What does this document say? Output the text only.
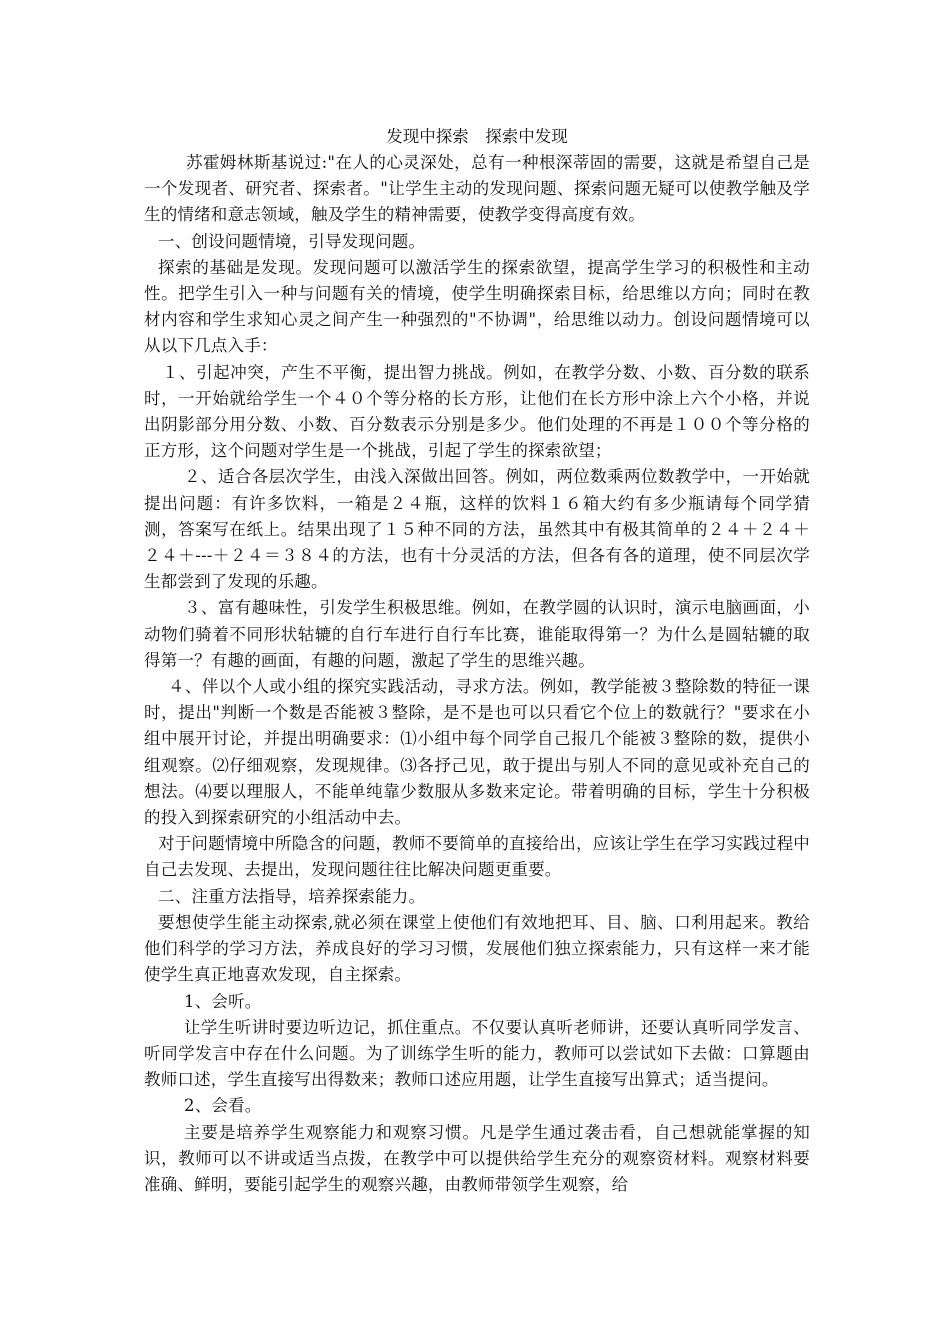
发现中探索　探索中发现

苏霍姆林斯基说过:"在人的心灵深处，总有一种根深蒂固的需要，这就是希望自己是一个发现者、研究者、探索者。"让学生主动的发现问题、探索问题无疑可以使教学触及学生的情绪和意志领域，触及学生的精神需要，使教学变得高度有效。

一、创设问题情境，引导发现问题。

探索的基础是发现。发现问题可以激活学生的探索欲望，提高学生学习的积极性和主动性。把学生引入一种与问题有关的情境，使学生明确探索目标，给思维以方向；同时在教材内容和学生求知心灵之间产生一种强烈的"不协调"，给思维以动力。创设问题情境可以从以下几点入手：

１、引起冲突，产生不平衡，提出智力挑战。例如，在教学分数、小数、百分数的联系时，一开始就给学生一个４０个等分格的长方形，让他们在长方形中涂上六个小格，并说出阴影部分用分数、小数、百分数表示分别是多少。他们处理的不再是１００个等分格的正方形，这个问题对学生是一个挑战，引起了学生的探索欲望；

２、适合各层次学生，由浅入深做出回答。例如，两位数乘两位数教学中，一开始就提出问题：有许多饮料，一箱是２４瓶，这样的饮料１６箱大约有多少瓶请每个同学猜测，答案写在纸上。结果出现了１５种不同的方法，虽然其中有极其简单的２４＋２４＋２４＋---＋２４＝３８４的方法，也有十分灵活的方法，但各有各的道理，使不同层次学生都尝到了发现的乐趣。

３、富有趣味性，引发学生积极思维。例如，在教学圆的认识时，演示电脑画面，小动物们骑着不同形状轱辘的自行车进行自行车比赛，谁能取得第一？为什么是圆轱辘的取得第一？有趣的画面，有趣的问题，激起了学生的思维兴趣。

４、伴以个人或小组的探究实践活动，寻求方法。例如，教学能被３整除数的特征一课时，提出"判断一个数是否能被３整除，是不是也可以只看它个位上的数就行？"要求在小组中展开讨论，并提出明确要求：⑴小组中每个同学自己报几个能被３整除的数，提供小组观察。⑵仔细观察，发现规律。⑶各抒己见，敢于提出与别人不同的意见或补充自己的想法。⑷要以理服人，不能单纯靠少数服从多数来定论。带着明确的目标，学生十分积极的投入到探索研究的小组活动中去。

对于问题情境中所隐含的问题，教师不要简单的直接给出，应该让学生在学习实践过程中自己去发现、去提出，发现问题往往比解决问题更重要。

二、注重方法指导，培养探索能力。

要想使学生能主动探索,就必须在课堂上使他们有效地把耳、目、脑、口利用起来。教给他们科学的学习方法，养成良好的学习习惯，发展他们独立探索能力，只有这样一来才能使学生真正地喜欢发现，自主探索。

1、会听。

让学生听讲时要边听边记，抓住重点。不仅要认真听老师讲，还要认真听同学发言、听同学发言中存在什么问题。为了训练学生听的能力，教师可以尝试如下去做：口算题由教师口述，学生直接写出得数来；教师口述应用题，让学生直接写出算式；适当提问。

2、会看。

主要是培养学生观察能力和观察习惯。凡是学生通过袭击看，自己想就能掌握的知识，教师可以不讲或适当点拨，在教学中可以提供给学生充分的观察资材料。观察材料要准确、鲜明，要能引起学生的观察兴趣，由教师带领学生观察，给
